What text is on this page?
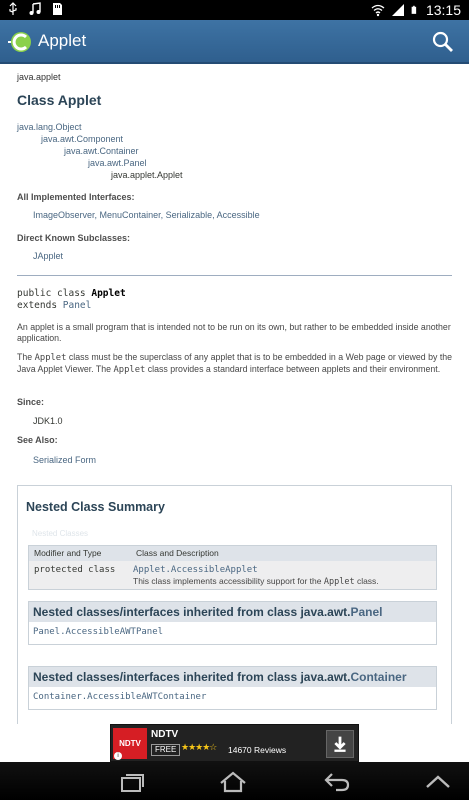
13:15
Applet
java.applet
Class Applet
java.lang.Object
java.awt.Component
java.awt.Container
java.awt.Panel
java.applet.Applet
All Implemented Interfaces:
ImageObserver, MenuContainer, Serializable, Accessible
Direct Known Subclasses:
JApplet
public class Applet
extends Panel
An applet is a small program that is intended not to be run on its own, but rather to be embedded inside another application.
The Applet class must be the superclass of any applet that is to be embedded in a Web page or viewed by the Java Applet Viewer. The Applet class provides a standard interface between applets and their environment.
Since:
JDK1.0
See Also:
Serialized Form
Nested Class Summary
Nested Classes
Modifier and Type	Class and Description
protected class	Applet.AccessibleApplet
This class implements accessibility support for the Applet class.
Nested classes/interfaces inherited from class java.awt.Panel
Panel.AccessibleAWTPanel
Nested classes/interfaces inherited from class java.awt.Container
Container.AccessibleAWTContainer
NDTV
NDTV
FREE ★★★★☆ 14670 Reviews
i
